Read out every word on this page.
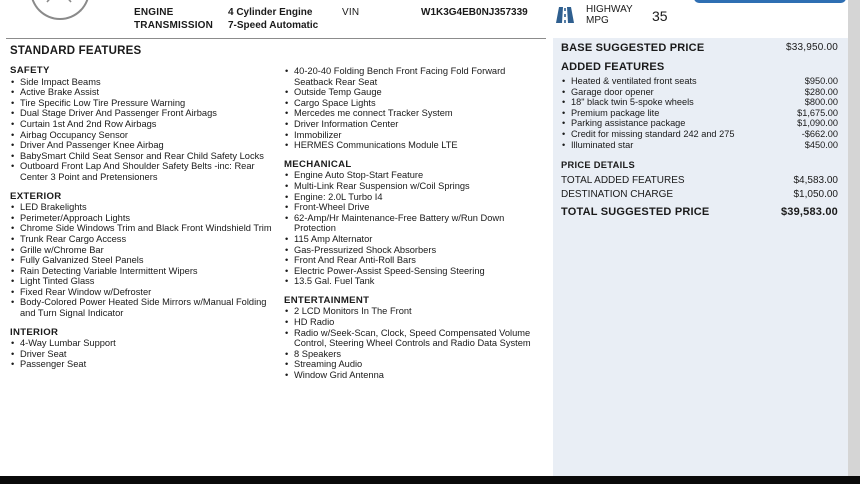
ENGINE	4 Cylinder Engine
TRANSMISSION 7-Speed Automatic
VIN	W1K3G4EB0NJ357339	HIGHWAY MPG	35
STANDARD FEATURES
SAFETY
• Side Impact Beams
• Active Brake Assist
• Tire Specific Low Tire Pressure Warning
• Dual Stage Driver And Passenger Front Airbags
• Curtain 1st And 2nd Row Airbags
• Airbag Occupancy Sensor
• Driver And Passenger Knee Airbag
• BabySmart Child Seat Sensor and Rear Child Safety Locks
• Outboard Front Lap And Shoulder Safety Belts -inc: Rear Center 3 Point and Pretensioners
EXTERIOR
• LED Brakelights
• Perimeter/Approach Lights
• Chrome Side Windows Trim and Black Front Windshield Trim
• Trunk Rear Cargo Access
• Grille w/Chrome Bar
• Fully Galvanized Steel Panels
• Rain Detecting Variable Intermittent Wipers
• Light Tinted Glass
• Fixed Rear Window w/Defroster
• Body-Colored Power Heated Side Mirrors w/Manual Folding and Turn Signal Indicator
INTERIOR
• 4-Way Lumbar Support
• Driver Seat
• Passenger Seat
• 40-20-40 Folding Bench Front Facing Fold Forward Seatback Rear Seat
• Outside Temp Gauge
• Cargo Space Lights
• Mercedes me connect Tracker System
• Driver Information Center
• Immobilizer
• HERMES Communications Module LTE
MECHANICAL
• Engine Auto Stop-Start Feature
• Multi-Link Rear Suspension w/Coil Springs
• Engine: 2.0L Turbo I4
• Front-Wheel Drive
• 62-Amp/Hr Maintenance-Free Battery w/Run Down Protection
• 115 Amp Alternator
• Gas-Pressurized Shock Absorbers
• Front And Rear Anti-Roll Bars
• Electric Power-Assist Speed-Sensing Steering
• 13.5 Gal. Fuel Tank
ENTERTAINMENT
• 2 LCD Monitors In The Front
• HD Radio
• Radio w/Seek-Scan, Clock, Speed Compensated Volume Control, Steering Wheel Controls and Radio Data System
• 8 Speakers
• Streaming Audio
• Window Grid Antenna
BASE SUGGESTED PRICE	$33,950.00
ADDED FEATURES
• Heated & ventilated front seats	$950.00
• Garage door opener	$280.00
• 18" black twin 5-spoke wheels	$800.00
• Premium package lite	$1,675.00
• Parking assistance package	$1,090.00
• Credit for missing standard 242 and 275	-$662.00
• Illuminated star	$450.00
PRICE DETAILS
TOTAL ADDED FEATURES	$4,583.00
DESTINATION CHARGE	$1,050.00
TOTAL SUGGESTED PRICE	$39,583.00
